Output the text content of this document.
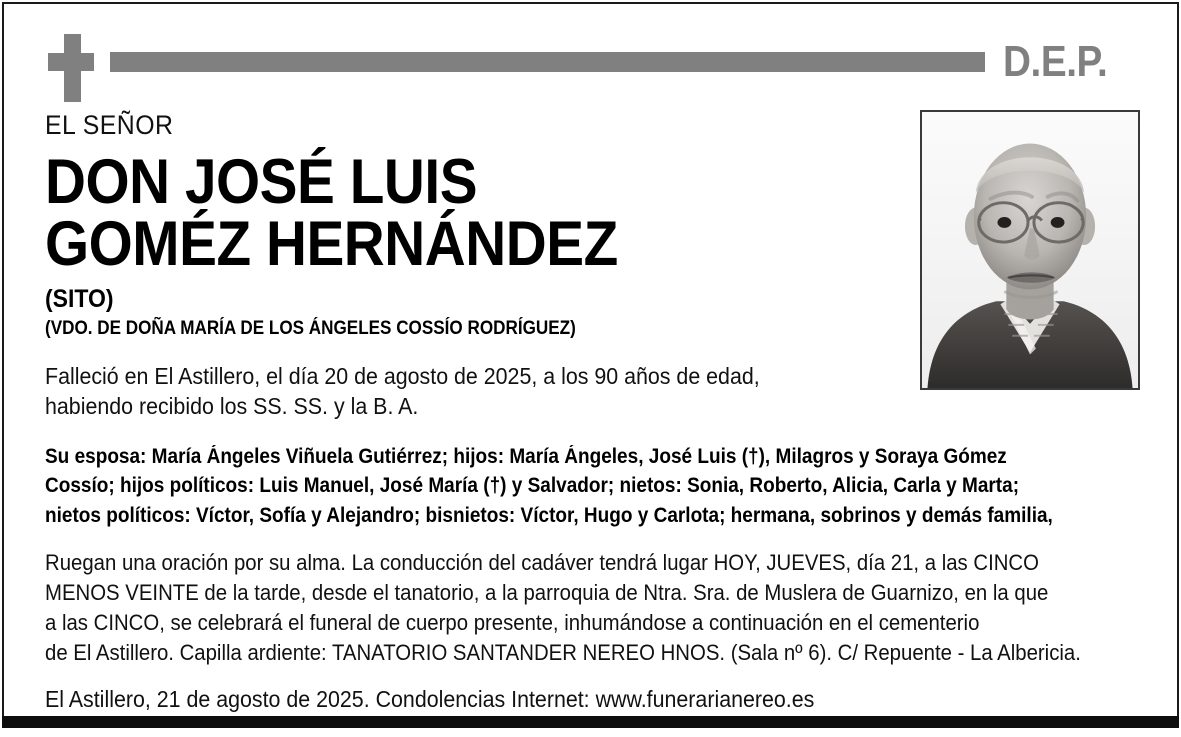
D.E.P.
EL SEÑOR
DON JOSÉ LUIS
GOMÉZ HERNÁNDEZ
(SITO)
(VDO. DE DOÑA MARÍA DE LOS ÁNGELES COSSÍO RODRÍGUEZ)
Falleció en El Astillero, el día 20 de agosto de 2025, a los 90 años de edad,
habiendo recibido los SS. SS. y la B. A.
Su esposa: María Ángeles Viñuela Gutiérrez; hijos: María Ángeles, José Luis (†), Milagros y Soraya Gómez
Cossío; hijos políticos: Luis Manuel, José María (†) y Salvador; nietos: Sonia, Roberto, Alicia, Carla y Marta;
nietos políticos: Víctor, Sofía y Alejandro; bisnietos: Víctor, Hugo y Carlota; hermana, sobrinos y demás familia,
Ruegan una oración por su alma. La conducción del cadáver tendrá lugar HOY, JUEVES, día 21, a las CINCO
MENOS VEINTE de la tarde, desde el tanatorio, a la parroquia de Ntra. Sra. de Muslera de Guarnizo, en la que
a las CINCO, se celebrará el funeral de cuerpo presente, inhumándose a continuación en el cementerio
de El Astillero. Capilla ardiente: TANATORIO SANTANDER NEREO HNOS. (Sala nº 6). C/ Repuente - La Albericia.
El Astillero, 21 de agosto de 2025. Condolencias Internet: www.funerarianereo.es
